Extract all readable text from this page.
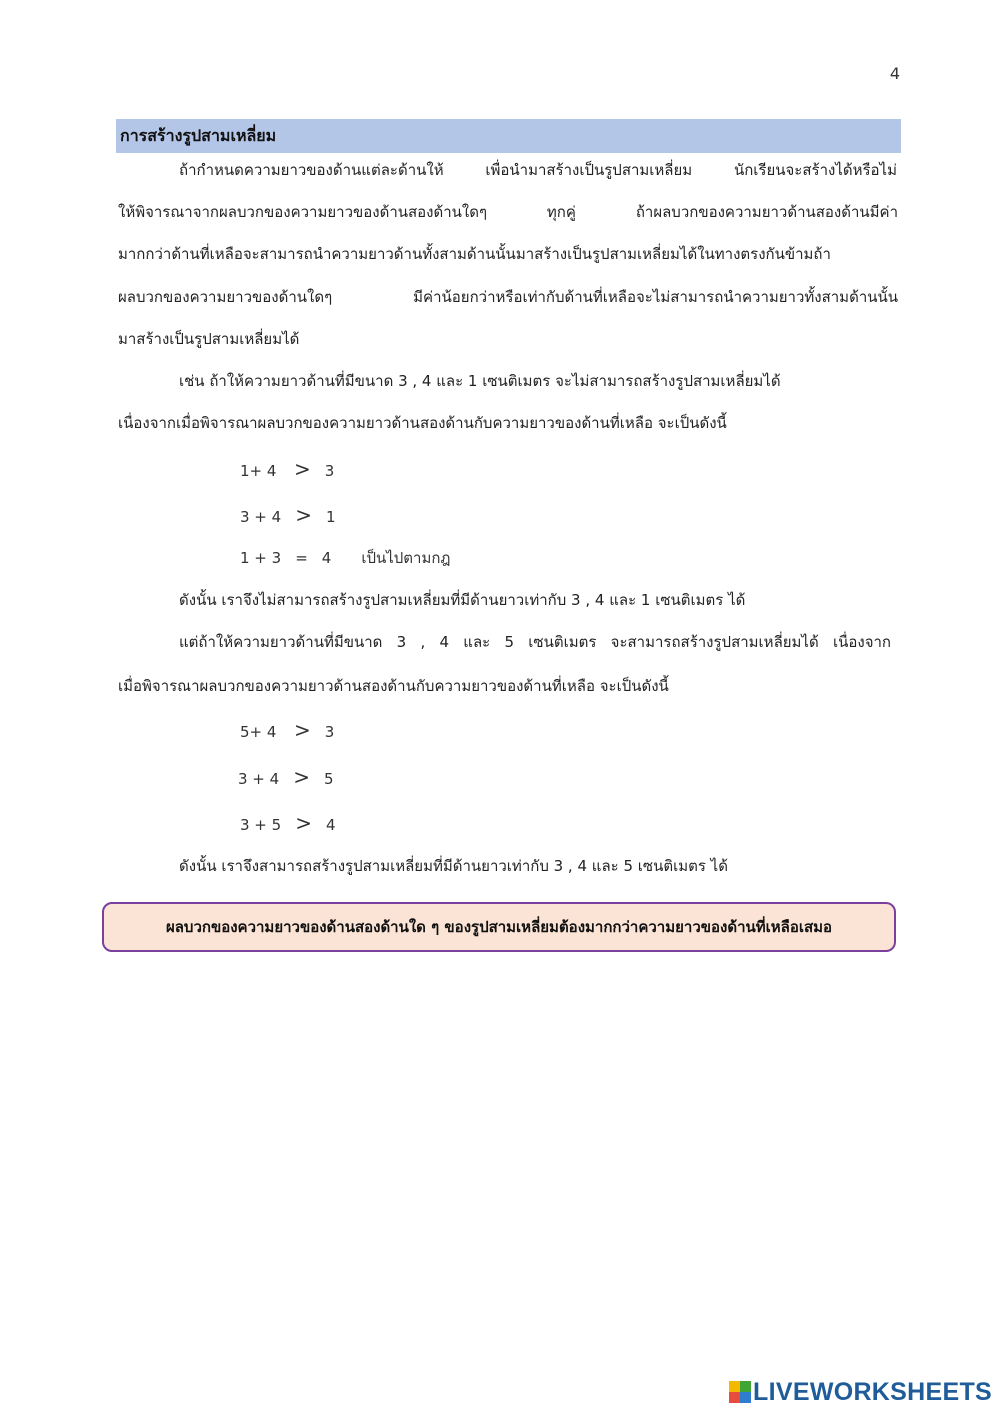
4
การสร้างรูปสามเหลี่ยม
ถ้ากำหนดความยาวของด้านแต่ละด้านให้ เพื่อนำมาสร้างเป็นรูปสามเหลี่ยม นักเรียนจะสร้างได้หรือไม่
ให้พิจารณาจากผลบวกของความยาวของด้านสองด้านใดๆ ทุกคู่ ถ้าผลบวกของความยาวด้านสองด้านมีค่า
มากกว่าด้านที่เหลือจะสามารถนำความยาวด้านทั้งสามด้านนั้นมาสร้างเป็นรูปสามเหลี่ยมได้ในทางตรงกันข้ามถ้า
ผลบวกของความยาวของด้านใดๆ มีค่าน้อยกว่าหรือเท่ากับด้านที่เหลือจะไม่สามารถนำความยาวทั้งสามด้านนั้น
มาสร้างเป็นรูปสามเหลี่ยมได้
เช่น ถ้าให้ความยาวด้านที่มีขนาด 3 , 4 และ 1 เซนติเมตร จะไม่สามารถสร้างรูปสามเหลี่ยมได้
เนื่องจากเมื่อพิจารณาผลบวกของความยาวด้านสองด้านกับความยาวของด้านที่เหลือ จะเป็นดังนี้
1+ 4 > 3
3 + 4 > 1
1 + 3 = 4 เป็นไปตามกฎ
ดังนั้น เราจึงไม่สามารถสร้างรูปสามเหลี่ยมที่มีด้านยาวเท่ากับ 3 , 4 และ 1 เซนติเมตร ได้
แต่ถ้าให้ความยาวด้านที่มีขนาด 3 , 4 และ 5 เซนติเมตร จะสามารถสร้างรูปสามเหลี่ยมได้ เนื่องจาก
เมื่อพิจารณาผลบวกของความยาวด้านสองด้านกับความยาวของด้านที่เหลือ จะเป็นดังนี้
5+ 4 > 3
3 + 4 > 5
3 + 5 > 4
ดังนั้น เราจึงสามารถสร้างรูปสามเหลี่ยมที่มีด้านยาวเท่ากับ 3 , 4 และ 5 เซนติเมตร ได้
ผลบวกของความยาวของด้านสองด้านใด ๆ ของรูปสามเหลี่ยมต้องมากกว่าความยาวของด้านที่เหลือเสมอ
LIVEWORKSHEETS
